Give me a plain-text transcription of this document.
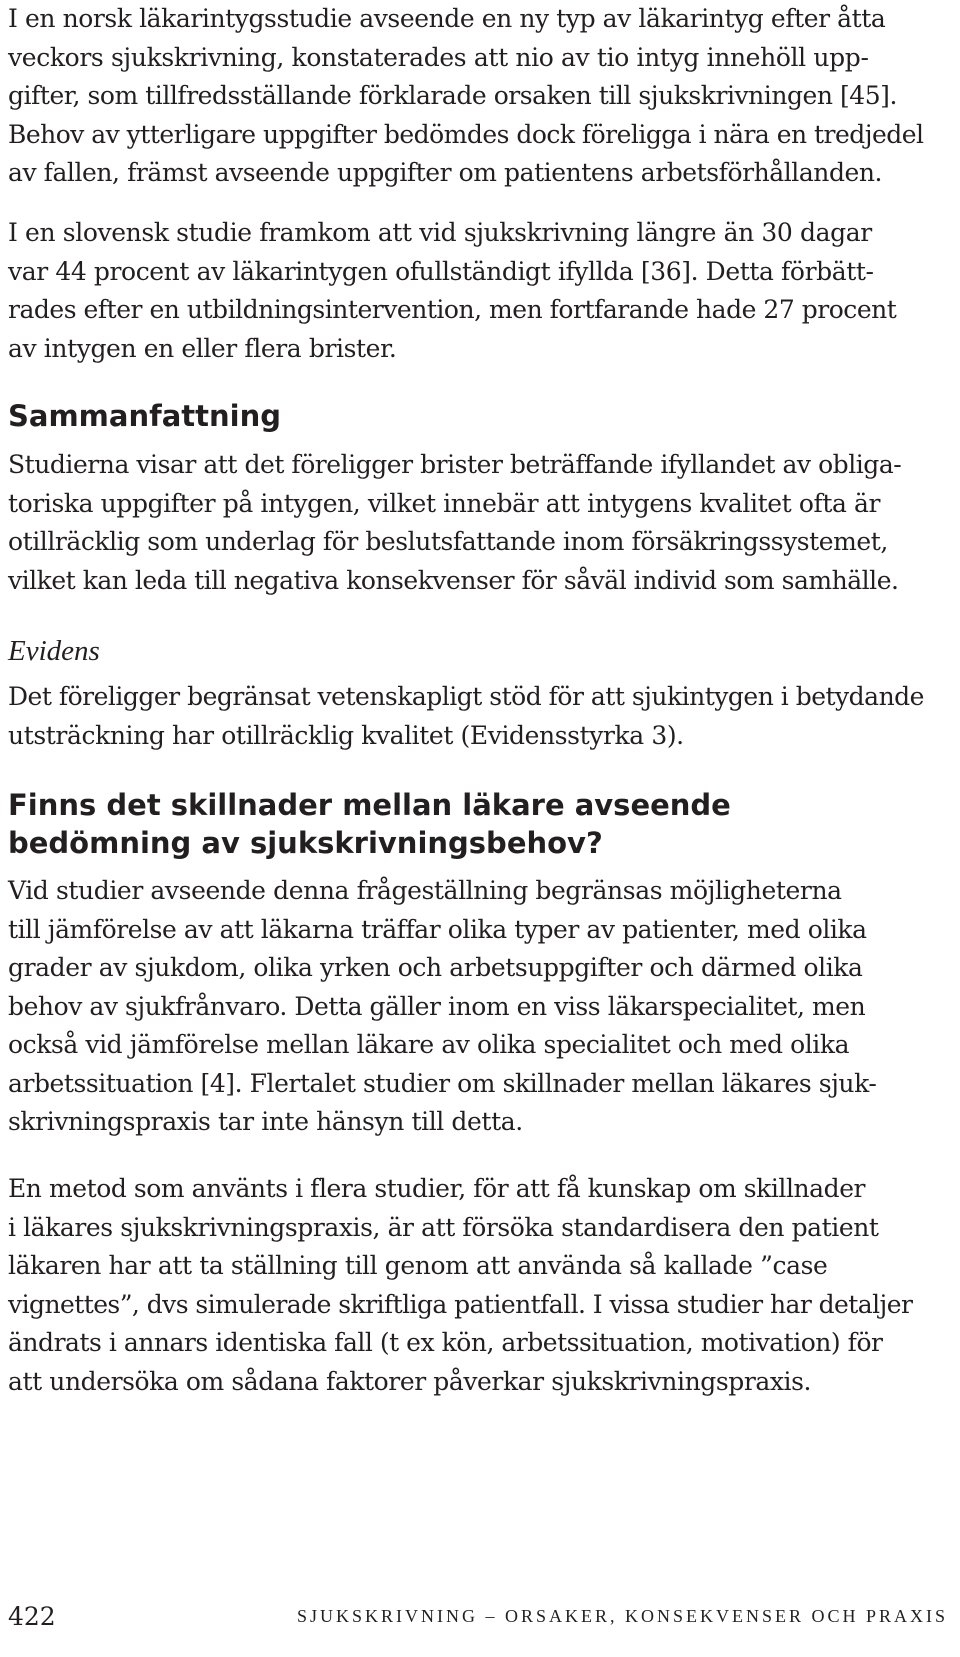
I en norsk läkarintygsstudie avseende en ny typ av läkarintyg efter åtta
veckors sjukskrivning, konstaterades att nio av tio intyg innehöll upp-
gifter, som tillfredsställande förklarade orsaken till sjukskrivningen [45].
Behov av ytterligare uppgifter bedömdes dock föreligga i nära en tredjedel
av fallen, främst avseende uppgifter om patientens arbetsförhållanden.
I en slovensk studie framkom att vid sjukskrivning längre än 30 dagar
var 44 procent av läkarintygen ofullständigt ifyllda [36]. Detta förbätt-
rades efter en utbildningsintervention, men fortfarande hade 27 procent
av intygen en eller flera brister.
Sammanfattning
Studierna visar att det föreligger brister beträffande ifyllandet av obliga-
toriska uppgifter på intygen, vilket innebär att intygens kvalitet ofta är
otillräcklig som underlag för beslutsfattande inom försäkringssystemet,
vilket kan leda till negativa konsekvenser för såväl individ som samhälle.

Evidens

Det föreligger begränsat vetenskapligt stöd för att sjukintygen i betydande
utsträckning har otillräcklig kvalitet (Evidensstyrka 3).
Finns det skillnader mellan läkare avseende
bedömning av sjukskrivningsbehov?
Vid studier avseende denna frågeställning begränsas möjligheterna
till jämförelse av att läkarna träffar olika typer av patienter, med olika
grader av sjukdom, olika yrken och arbetsuppgifter och därmed olika
behov av sjukfrånvaro. Detta gäller inom en viss läkarspecialitet, men
också vid jämförelse mellan läkare av olika specialitet och med olika
arbetssituation [4]. Flertalet studier om skillnader mellan läkares sjuk-
skrivningspraxis tar inte hänsyn till detta.
En metod som använts i flera studier, för att få kunskap om skillnader
i läkares sjukskrivningspraxis, är att försöka standardisera den patient
läkaren har att ta ställning till genom att använda så kallade ”case
vignettes”, dvs simulerade skriftliga patientfall. I vissa studier har detaljer
ändrats i annars identiska fall (t ex kön, arbetssituation, motivation) för
att undersöka om sådana faktorer påverkar sjukskrivningspraxis.
422	SJUKSKRIVNING – ORSAKER, KONSEKVENSER OCH PRAXIS
